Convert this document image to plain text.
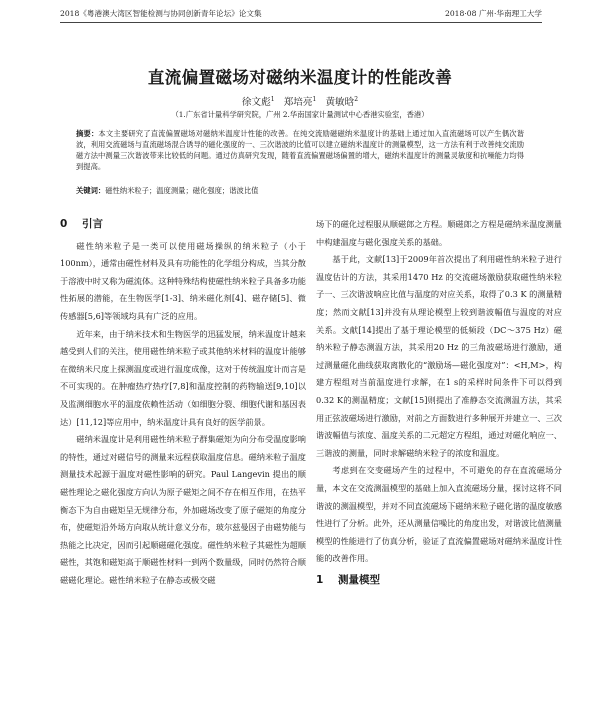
2018《粤港澳大湾区智能检测与协同创新青年论坛》论文集	2018·08 广州·华南理工大学
直流偏置磁场对磁纳米温度计的性能改善
徐文彪$^1$ 郑培亮$^1$ 黄敏晗$^2$
（1.广东省计量科学研究院，广州 2.华南国家计量测试中心香港实验室，香港）
摘要：本文主要研究了直流偏置磁场对磁纳米温度计性能的改善。在纯交流励磁磁纳米温度计的基础上通过加入直流磁场可以产生偶次谐波，利用交流磁场与直流磁场混合诱导的磁化强度的一、三次谐波的比值可以建立磁纳米温度计的测量模型，这一方法有利于改善纯交流励磁方法中测量三次谐波带来比较低的问题。通过仿真研究发现，随着直流偏置磁场偏置的增大，磁纳米温度计的测量灵敏度和抗噪能力均得到提高。
关键词：磁性纳米粒子；温度测量；磁化强度；谐波比值
0 引言

磁性纳米粒子是一类可以使用磁场操纵的纳米粒子（小于100nm），通常由磁性材料及具有功能性的化学组分构成，当其分散于溶液中时又称为磁流体。这种特殊结构使磁性纳米粒子具备多功能性拓展的潜能，在生物医学[1-3]、纳米磁化剂[4]、磁存储[5]、微传感器[5,6]等领域均具有广泛的应用。

近年来，由于纳米技术和生物医学的迅猛发展，纳米温度计越来越受到人们的关注，使用磁性纳米粒子或其他纳米材料的温度计能够在微纳米尺度上探测温度或进行温度成像，这对于传统温度计而言是不可实现的。在肿瘤热疗热疗[7,8]和温度控制的药物输送[9,10]以及监测细胞水平的温度依赖性活动（如细胞分裂、细胞代谢和基因表达）[11,12]等应用中，纳米温度计具有良好的医学前景。

磁纳米温度计是利用磁性纳米粒子群集磁矩为向分布受温度影响的特性，通过对磁信号的测量来远程获取温度信息。磁纳米粒子温度测量技术起源于温度对磁性影响的研究。Paul Langevin 提出的顺磁性理论之磁化强度方向认为原子磁矩之间不存在相互作用，在热平衡态下为自由磁矩呈无规律分布，外加磁场改变了原子磁矩的角度分布，使磁矩沿外场方向取从统计意义分布，玻尔兹曼因子由磁势能与热能之比决定，因而引起顺磁磁化强度。磁性纳米粒子其磁性为超顺磁性，其饱和磁矩高于顺磁性材料一到两个数量级，同时仍然符合顺磁磁化理论。磁性纳米粒子在静态或极交磁

场下的磁化过程服从顺磁郎之方程。顺磁郎之方程是磁纳米温度测量中构建温度与磁化强度关系的基础。

基于此，文献[13]于2009年首次提出了利用磁性纳米粒子进行温度估计的方法，其采用1470 Hz 的交流磁场激励获取磁性纳米粒子一、三次谐波响应比值与温度的对应关系，取得了0.3 K 的测量精度；然而文献[13]并没有从理论模型上较到谐波幅值与温度的对应关系。文献[14]提出了基于理论模型的低频段（DC～375 Hz）磁纳米粒子静态测温方法，其采用20 Hz 的三角波磁场进行激励，通过测量磁化曲线获取离散化的“激励场—磁化强度对”：<H,M>，构建方程组对当前温度进行求解，在1 s的采样时间条件下可以得到0.32 K的测温精度；文献[15]则提出了准静态交流测温方法，其采用正弦波磁场进行激励，对前之方面数进行多种展开并建立一、三次谐波幅值与浓度、温度关系的二元超定方程组，通过对磁化响应一、三谐波的测量，同时求解磁纳米粒子的浓度和温度。

考虑到在交变磁场产生的过程中，不可避免的存在直流磁场分量，本文在交流测温模型的基础上加入直流磁场分量，探讨这将不同谐波的测温模型，并对不同直流磁场下磁纳米粒子磁化谐的温度敏感性进行了分析。此外，还从测量信噪比的角度出发，对谐波比值测量模型的性能进行了仿真分析，验证了直流偏置磁场对磁纳米温度计性能的改善作用。

1 测量模型
